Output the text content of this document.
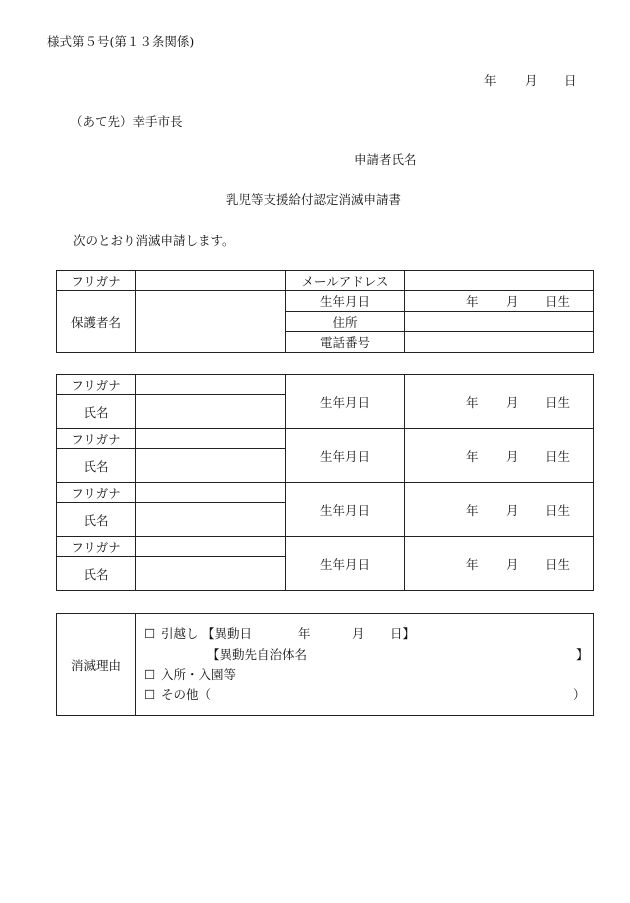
様式第５号(第１３条関係)
年 月 日
（あて先）幸手市長
申請者氏名
乳児等支援給付認定消滅申請書
次のとおり消滅申請します。
フリガナ		メールアドレス	
保護者名		生年月日	年 月 日生

		住所	
		電話番号	
フリガナ		生年月日	年 月 日生

氏名			
フリガナ		生年月日	年 月 日生

氏名			
フリガナ		生年月日	年 月 日生

氏名			
フリガナ		生年月日	年 月 日生

氏名			
消滅理由	
☐ 引越し 【異動日	年	月 日】
【異動先自治体名	】
☐ 入所・入園等
☐ その他（	）
